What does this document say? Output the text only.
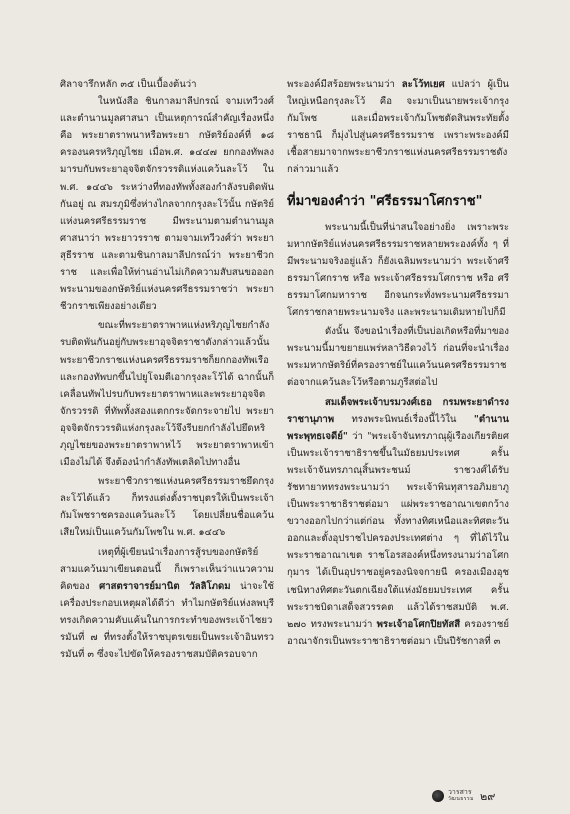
ศิลาจารึกหลัก ๓๕ เป็นเบื้องต้นว่า

ในหนังสือ ชินกาลมาลีปกรณ์ จามเทวีวงศ์ และตำนานมูลศาสนา เป็นเหตุการณ์สำคัญเรื่องหนึ่ง คือ พระยาตราพนาหรือพระยา กษัตริย์องค์ที่ ๑๘ ครองนครหริภุญไชย เมื่อพ.ศ. ๑๔๔๗ ยกกองทัพลงมารบกับพระยาอุจจิตจักรวรรดิแห่งแคว้นละโว้ ใน พ.ศ. ๑๔๔๖ ระหว่างที่ทองทัพทั้งสองกำลังรบติดพันกันอยู่ ณ สมรภูมิซึ่งห่างไกลจากกรุงละโว้นั้น กษัตริย์แห่งนครศรีธรรมราช มีพระนามตามตำนานมูลศาสนาว่า พระยาวรราช ตามจามเทวีวงศ์ว่า พระยาสุธีรราช และตามชินกาลมาลีปกรณ์ว่า พระยาชีวกราช และเพื่อให้ท่านอ่านไม่เกิดความสับสนขอออกพระนามของกษัตริย์แห่งนครศรีธรรมราชว่า พระยาชีวกราชเพียงอย่างเดียว

ขณะที่พระยาตราพาหแห่งหริภุญไชยกำลังรบติดพันกันอยู่กับพระยาอุจจิตราชาดังกล่าวแล้วนั้น พระยาชีวกราชแห่งนครศรีธรรมราชก็ยกกองทัพเรือและกองทัพบกขึ้นไปยูโจมตีเอากรุงละโว้ได้ ฉากนั้นก็เคลื่อนทัพไปรบกับพระยาตราพาหและพระยาอุจจิตจักรวรรดิ ที่ทัพทั้งสองแตกกระจัดกระจายไป พระยาอุจจิตจักรวรรดิแห่งกรุงละโว้จึงรีบยกกำลังไปยึดหริภุญไชยของพระยาตราพาหไว้ พระยาตราพาหเข้าเมืองไม่ได้ จึงต้องนำกำลังทัพเตลิดไปทางอื่น

พระยาชีวกราชแห่งนครศรีธรรมราชยึดกรุงละโว้ได้แล้ว ก็ทรงแต่งตั้งราชบุตรให้เป็นพระเจ้ากัมโพชราชครองแคว้นละโว้ โดยเปลี่ยนชื่อแคว้นเสียใหม่เป็นแคว้นกัมโพชใน พ.ศ. ๑๔๔๖

เหตุที่ผู้เขียนนำเรื่องการสู้รบของกษัตริย์สามแคว้นมาเขียนตอนนี้ ก็เพราะเห็นว่าแนวความคิดของ ศาสตราจารย์มานิต วัลลิโภดม น่าจะใช้เครื่องประกอบเหตุผลได้ดีว่า ทำไมกษัตริย์แห่งลพบุรี ทรงเกิดความคับแค้นในการกระทำของพระเจ้าไชยวรมันที่ ๗ ที่ทรงตั้งให้ราชบุตรเขยเป็นพระเจ้าอินทรวรมันที่ ๓ ซึ่งจะไปขัดให้ครองราชสมบัติครอบจาก

พระองค์มีสร้อยพระนามว่า ละโว้ทเยศ แปลว่า ผู้เป็นใหญ่เหนือกรุงละโว้ คือ จะมาเป็นนายพระเจ้ากรุงกัมโพช และเมื่อพระเจ้ากัมโพชตัดสินพระทัยตั้งราชธานี ก็มุ่งไปสู่นครศรีธรรมราช เพราะพระองค์มีเชื้อสายมาจากพระยาชีวกราชแห่งนครศรีธรรมราชดังกล่าวมาแล้ว

ที่มาของคำว่า "ศรีธรรมาโศกราช"

พระนามนี้เป็นที่น่าสนใจอย่างยิ่ง เพราะพระมหากษัตริย์แห่งนครศรีธรรมราชหลายพระองค์ทั้ง ๆ ที่มีพระนามจริงอยู่แล้ว ก็ยังเฉลิมพระนามว่า พระเจ้าศรีธรรมาโศกราช หรือ พระเจ้าศรีธรรมโศกราช หรือ ศรีธรรมาโศกมหาราช อีกจนกระทั่งพระนามศรีธรรมาโศกราชกลายพระนามจริง และพระนามเดิมหายไปก็มี

ดังนั้น จึงขอนำเรื่องที่เป็นบ่อเกิดหรือที่มาของพระนามนี้มาขยายแพร่หลาวิธีดวงไว้ ก่อนที่จะนำเรื่องพระมหากษัตริย์ที่ครองราชย์ในแคว้นนครศรีธรรมราชต่อจากแคว้นละโว้หรือตามภูรีสต่อไป

สมเด็จพระเจ้าบรมวงศ์เธอ กรมพระยาดำรงราชานุภาพ ทรงพระนิพนธ์เรื่องนี้ไว้ใน "ตำนานพระพุทธเจดีย์" ว่า "พระเจ้าจันทรภาณุผู้เรืองเกียรติยศ เป็นพระเจ้าราชาธิราชขึ้นในมัธยมประเทศ ครั้นพระเจ้าจันทรภาณุสิ้นพระชนม์ ราชวงศ์ได้รับรัชทายาททรงพระนามว่า พระเจ้าพินทุสารอภิมยาภู เป็นพระราชาธิราชต่อมา แผ่พระราชอาณาเขตกว้างขวางออกไปกว่าแต่ก่อน ทั้งทางทิศเหนือและทิศตะวันออกและตั้งอุปราชไปครองประเทศต่าง ๆ ที่ได้ไว้ในพระราชอาณาเขต ราชโอรสองค์หนึ่งทรงนามว่าอโศกกุมาร ได้เป็นอุปราชอยู่ครองนิจจกายนี ครองเมืองอุชเชนิทางทิศตะวันตกเฉียงใต้แห่งมัธยมประเทศ ครั้นพระราชบิดาเสด็จสวรรคต แล้วได้ราชสมบัติ พ.ศ. ๒๗๐ ทรงพระนามว่า พระเจ้าอโศกปิยทัสสี ครองราชย์อาณาจักรเป็นพระราชาธิราชต่อมา เป็นปีรัชกาลที่ ๓

วารสาร
วัฒนธรรม ๒๙
